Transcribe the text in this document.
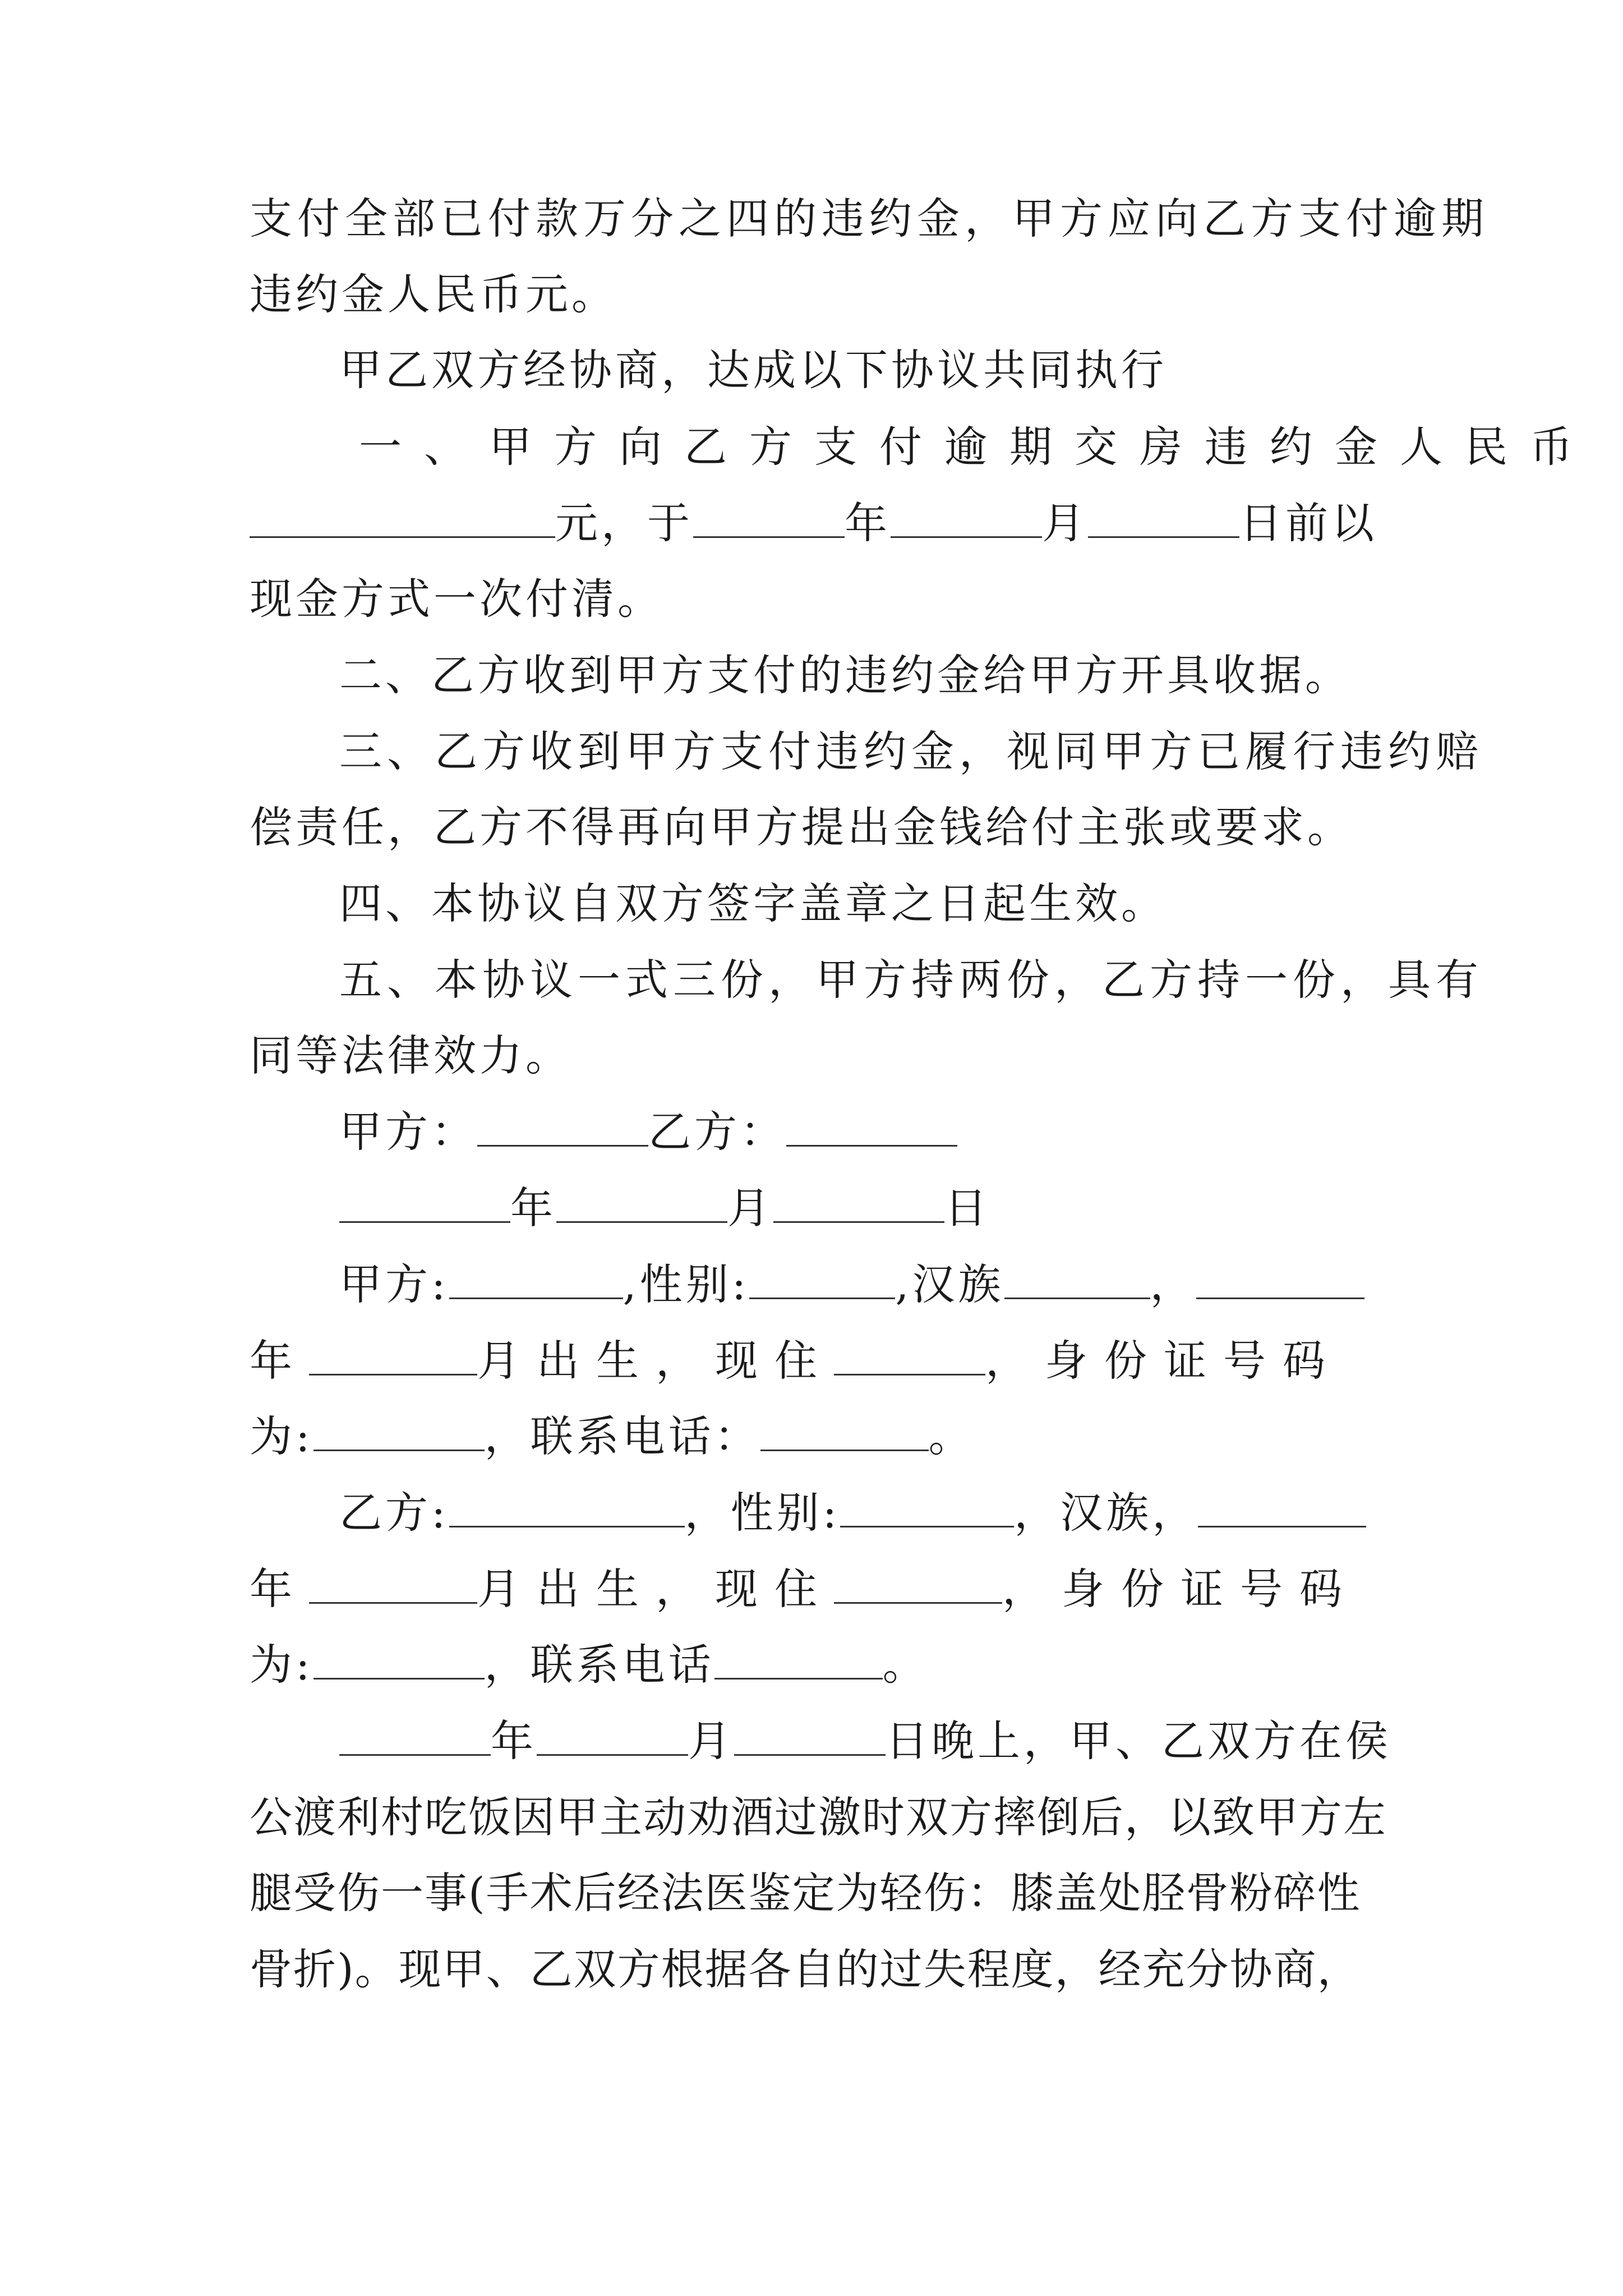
支付全部已付款万分之四的违约金，甲方应向乙方支付逾期
违约金人民币元。
甲乙双方经协商，达成以下协议共同执行
一、甲方向乙方支付逾期交房违约金人民币
元，于	年	月	日前以
现金方式一次付清。
二、乙方收到甲方支付的违约金给甲方开具收据。
三、乙方收到甲方支付违约金，视同甲方已履行违约赔
偿责任，乙方不得再向甲方提出金钱给付主张或要求。
四、本协议自双方签字盖章之日起生效。
五、本协议一式三份，甲方持两份，乙方持一份，具有
同等法律效力。
甲方：	乙方：
年	月	日
甲方:	,性别:	,汉族	，
年	月出生，现住	，身份证号码
为:	，联系电话：	。
乙方:	，性别:	，汉族，
年	月出生，现住	，身份证号码
为:	，联系电话	。
年	月	日晚上，甲、乙双方在侯
公渡利村吃饭因甲主动劝酒过激时双方摔倒后，以致甲方左
腿受伤一事(手术后经法医鉴定为轻伤：膝盖处胫骨粉碎性
骨折)。现甲、乙双方根据各自的过失程度，经充分协商，
